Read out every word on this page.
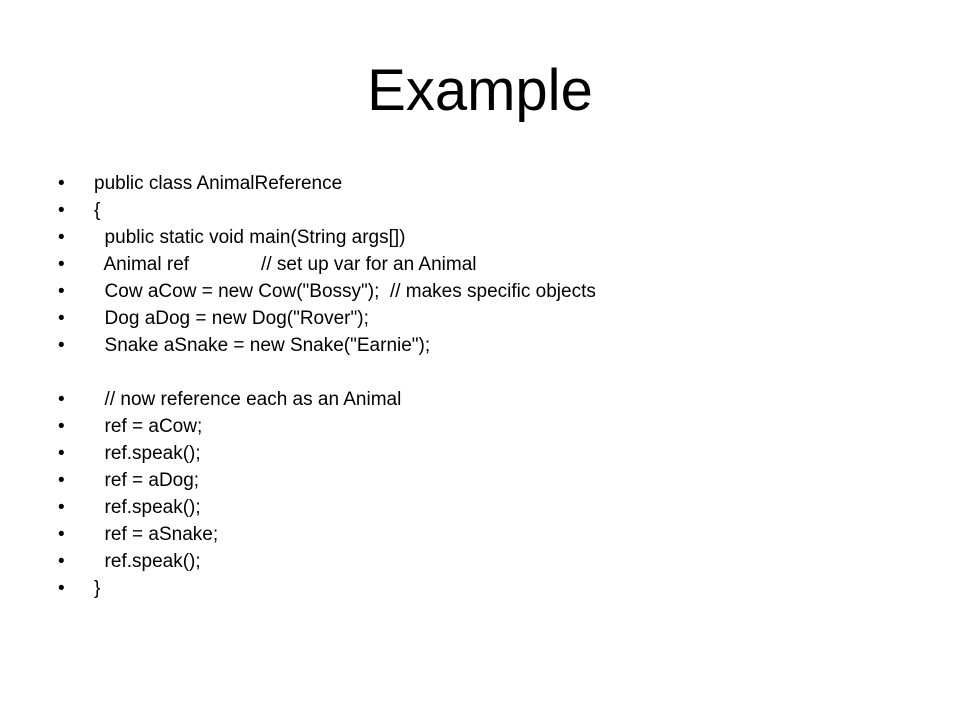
Example

•

	public class AnimalReference

•

	{

•

	public static void main(String args[])

•

	Animal ref	// set up var for an Animal

•

	Cow aCow = new Cow("Bossy");  // makes specific objects

•

	Dog aDog = new Dog("Rover");

•

	Snake aSnake = new Snake("Earnie");

•

	// now reference each as an Animal

•

	ref = aCow;

•

	ref.speak();

•

	ref = aDog;

•

	ref.speak();

•

	ref = aSnake;

•

	ref.speak();

•

	}
